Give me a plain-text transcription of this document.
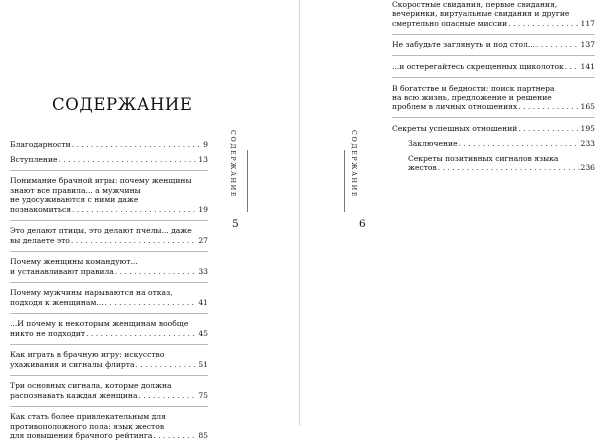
СОДЕРЖАНИЕ
Благодарности . . .	9
Вступление . . .	13
Понимание брачной игры: почему женщины
знают все правила... а мужчины
не удосуживаются с ними даже
познакомиться . . .	19
Это делают птицы, это делают пчелы... даже
вы делаете это . . .	27
Почему женщины командуют...
и устанавливают правила . . .	33
Почему мужчины нарываются на отказ,
подходя к женщинам... . . .	41
...И почему к некоторым женщинам вообще
никто не подходит . . .	45
Как играть в брачную игру: искусство
ухаживания и сигналы флирта . . .	51
Три основных сигнала, которые должна
распознавать каждая женщина . . .	75
Как стать более привлекательным для
противоположного пола: язык жестов
для повышения брачного рейтинга . . .	85
СОДЕРЖАНИЕ
5
СОДЕРЖАНИЕ
6
Скоростные свидания, первые свидания,
вечеринки, виртуальные свидания и другие
смертельно опасные миссии . . .	117
Не забудьте заглянуть и под стол... . . .	137
...и остерегайтесь скрещенных щиколоток . . . 141
В богатстве и бедности: поиск партнера
на всю жизнь, предложение и решение
проблем в личных отношениях . . .	165
Секреты успешных отношений . . .	195
Заключение . . .	233
Секреты позитивных сигналов языка
жестов . . .	236
